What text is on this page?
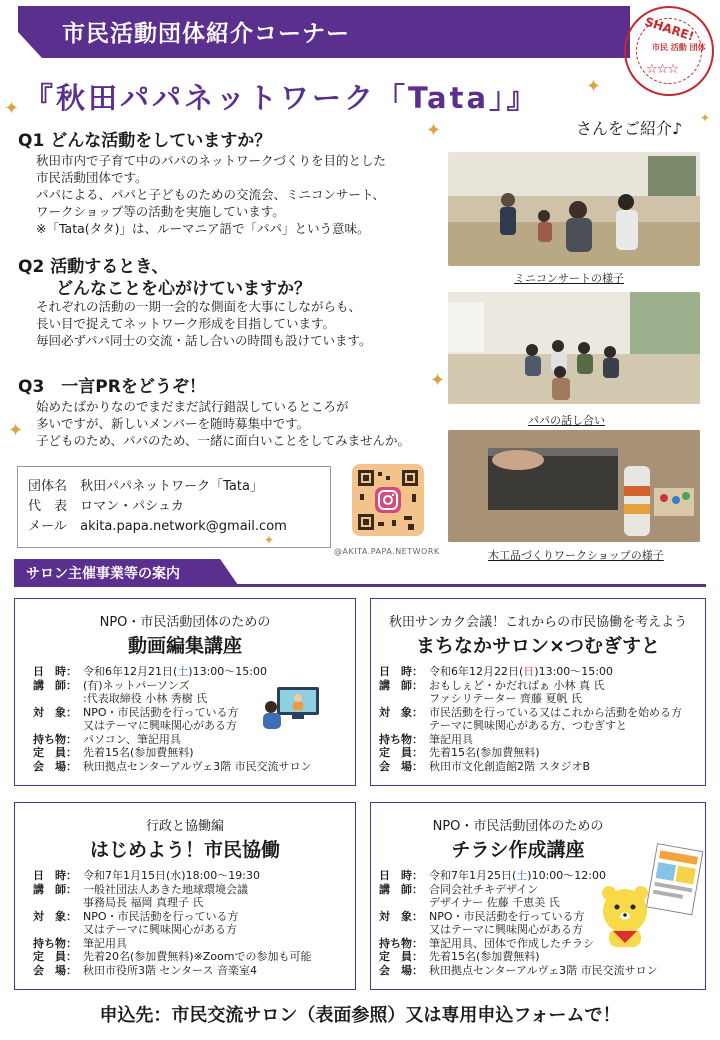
市民活動団体紹介コーナー	SHARE!
市民 活動 団体
☆☆☆
『秋田パパネットワーク「Tata」』
✦
✦
✦
✦
✦
✦
✦
さんをご紹介♪
Q1 どんな活動をしていますか？
秋田市内で子育て中のパパのネットワークづくりを目的とした
市民活動団体です。
パパによる、パパと子どものための交流会、ミニコンサート、
ワークショップ等の活動を実施しています。
※「Tata(タタ)」は、ルーマニア語で「パパ」という意味。
Q2 活動するとき、
どんなことを心がけていますか？
それぞれの活動の一期一会的な側面を大事にしながらも、
長い目で捉えてネットワーク形成を目指しています。
毎回必ずパパ同士の交流・話し合いの時間も設けています。
Q3　一言PRをどうぞ！
始めたばかりなのでまだまだ試行錯誤しているところが
多いですが、新しいメンバーを随時募集中です。
子どものため、パパのため、一緒に面白いことをしてみませんか。
ミニコンサートの様子
パパの話し合い
木工品づくりワークショップの様子
団体名 秋田パパネットワーク「Tata」
代　表 ロマン・パシュカ
メール akita.papa.network@gmail.com
@AKITA.PAPA.NETWORK
サロン主催事業等の案内
NPO・市民活動団体のための
動画編集講座
日　時： 令和6年12月21日(土)13:00～15:00
講　師： (有)ネットパーソンズ
:代表取締役 小林 秀樹 氏
対　象： NPO・市民活動を行っている方
又はテーマに興味関心がある方
持ち物： パソコン、筆記用具
定　員： 先着15名(参加費無料)
会　場： 秋田拠点センターアルヴェ3階 市民交流サロン
秋田サンカク会議！これからの市民協働を考えよう
まちなかサロン×つむぎすと
日　時： 令和6年12月22日(日)13:00～15:00
講　師： おもしぇど・かだればぁ 小林 真 氏
ファシリテーター 齊藤 夏帆 氏
対　象： 市民活動を行っている又はこれから活動を始める方
テーマに興味関心がある方、つむぎすと
持ち物： 筆記用具
定　員： 先着15名(参加費無料)
会　場： 秋田市文化創造館2階 スタジオB
行政と協働編
はじめよう！市民協働
日　時： 令和7年1月15日(水)18:00～19:30
講　師： 一般社団法人あきた地球環境会議
事務局長 福岡 真理子 氏
対　象： NPO・市民活動を行っている方
又はテーマに興味関心がある方
持ち物： 筆記用具
定　員： 先着20名(参加費無料)※Zoomでの参加も可能
会　場： 秋田市役所3階 センタース 音楽室4
NPO・市民活動団体のための
チラシ作成講座
日　時： 令和7年1月25日(土)10:00～12:00
講　師： 合同会社チキデザイン
デザイナー 佐藤 千恵美 氏
対　象： NPO・市民活動を行っている方
又はテーマに興味関心がある方
持ち物： 筆記用具、団体で作成したチラシ
定　員： 先着15名(参加費無料)
会　場： 秋田拠点センターアルヴェ3階 市民交流サロン
申込先：市民交流サロン（表面参照）又は専用申込フォームで！
